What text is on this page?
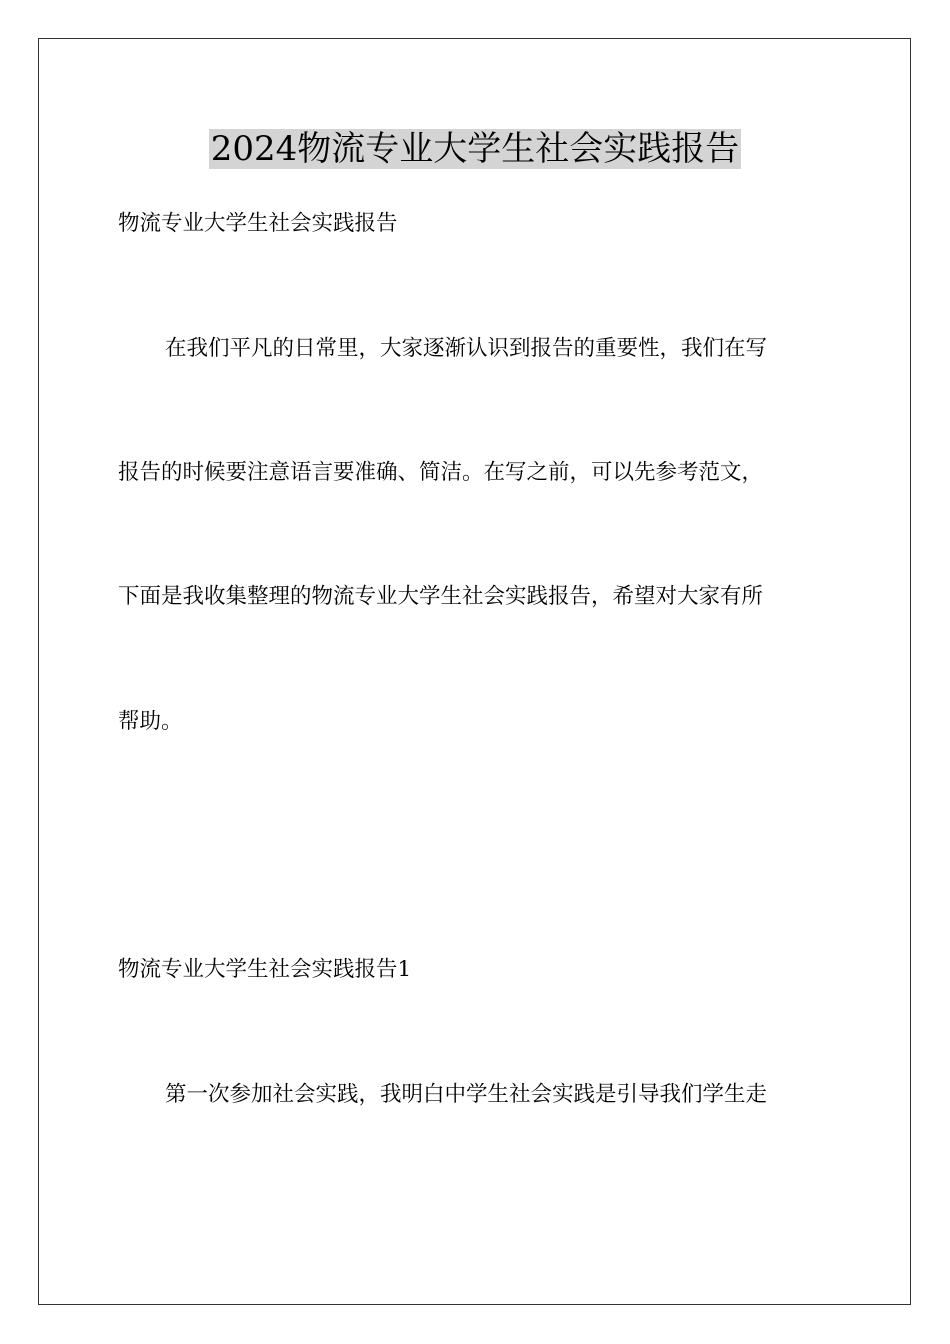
2024物流专业大学生社会实践报告

物流专业大学生社会实践报告

在我们平凡的日常里，大家逐渐认识到报告的重要性，我们在写

报告的时候要注意语言要准确、简洁。在写之前，可以先参考范文，

下面是我收集整理的物流专业大学生社会实践报告，希望对大家有所

帮助。

物流专业大学生社会实践报告1

第一次参加社会实践，我明白中学生社会实践是引导我们学生走
